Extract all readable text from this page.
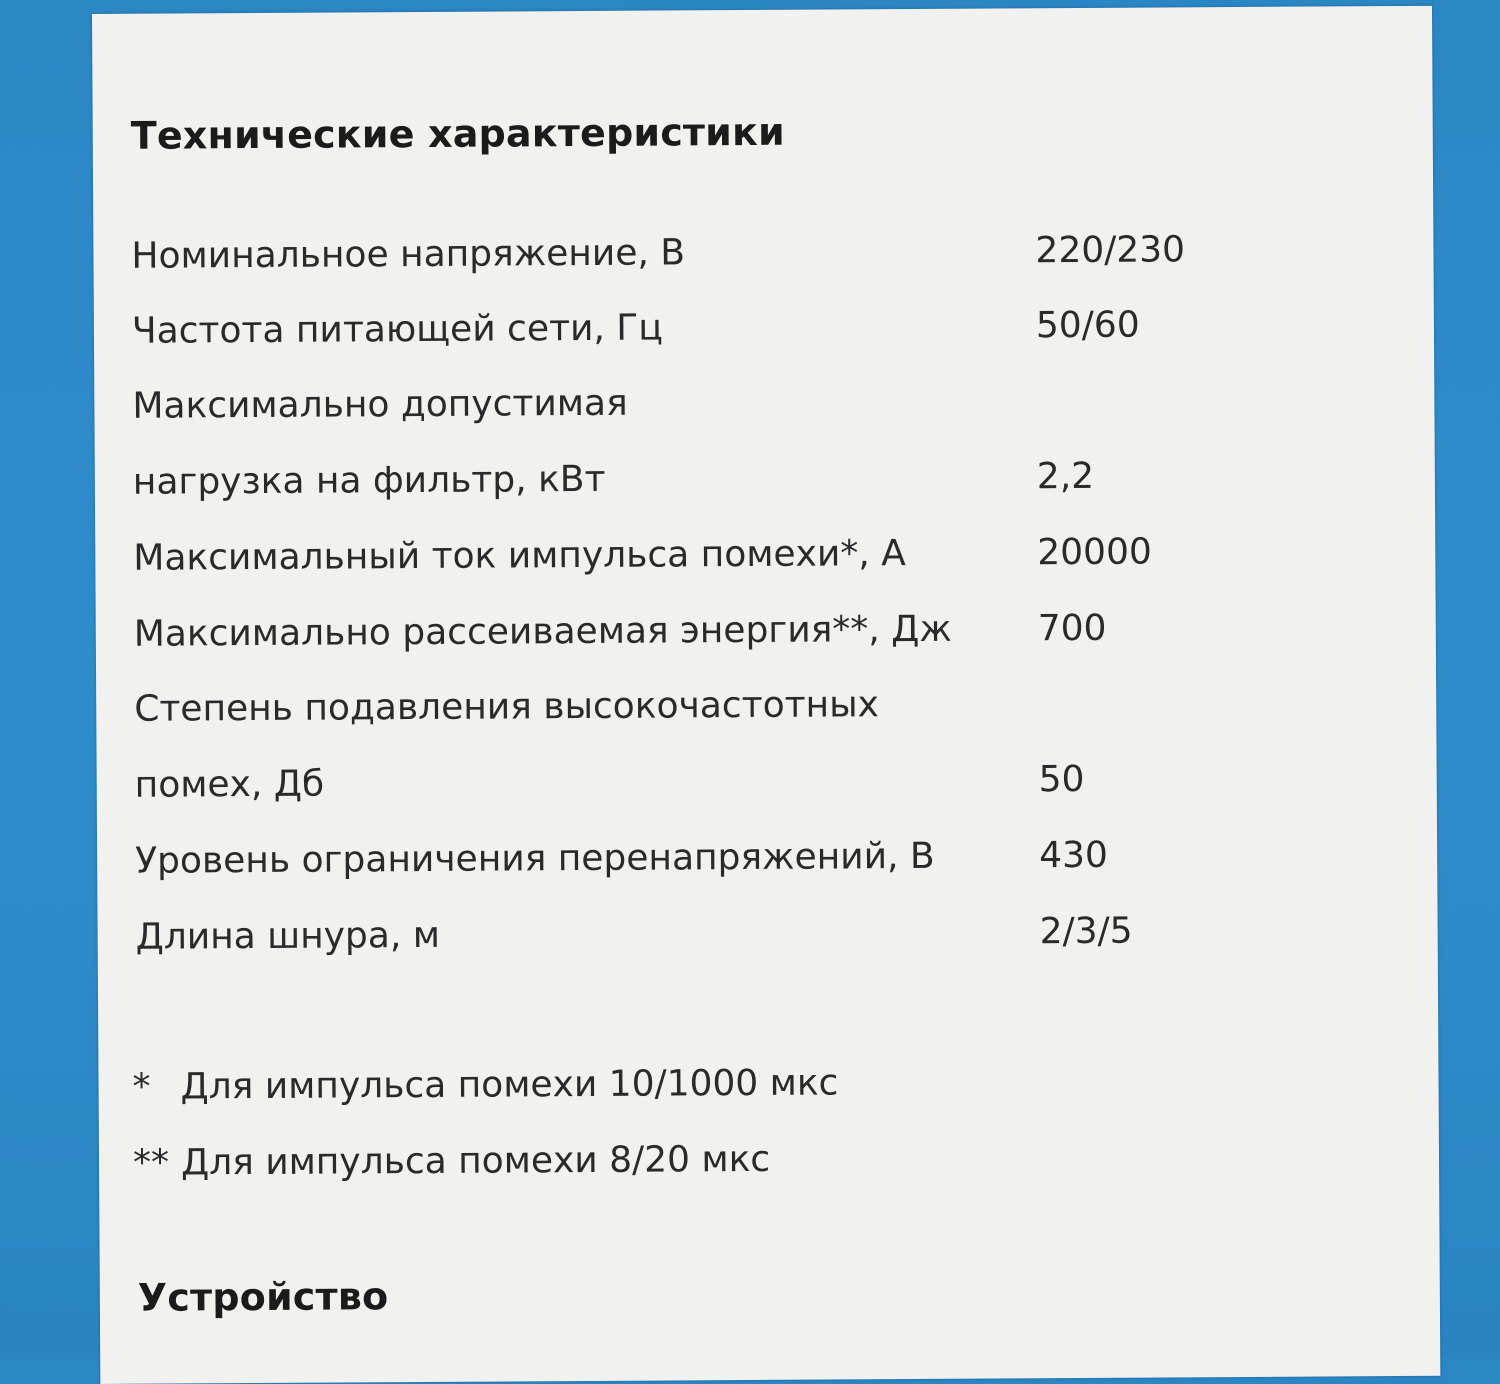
Технические характеристики
Номинальное напряжение, В	220/230
Частота питающей сети, Гц	50/60
Максимально допустимая
нагрузка на фильтр, кВт	2,2
Максимальный ток импульса помехи*, А	20000
Максимально рассеиваемая энергия**, Дж 700
Степень подавления высокочастотных
помех, Дб	50
Уровень ограничения перенапряжений, В	430
Длина шнура, м	2/3/5
* Для импульса помехи 10/1000 мкс
** Для импульса помехи 8/20 мкс
Устройство
